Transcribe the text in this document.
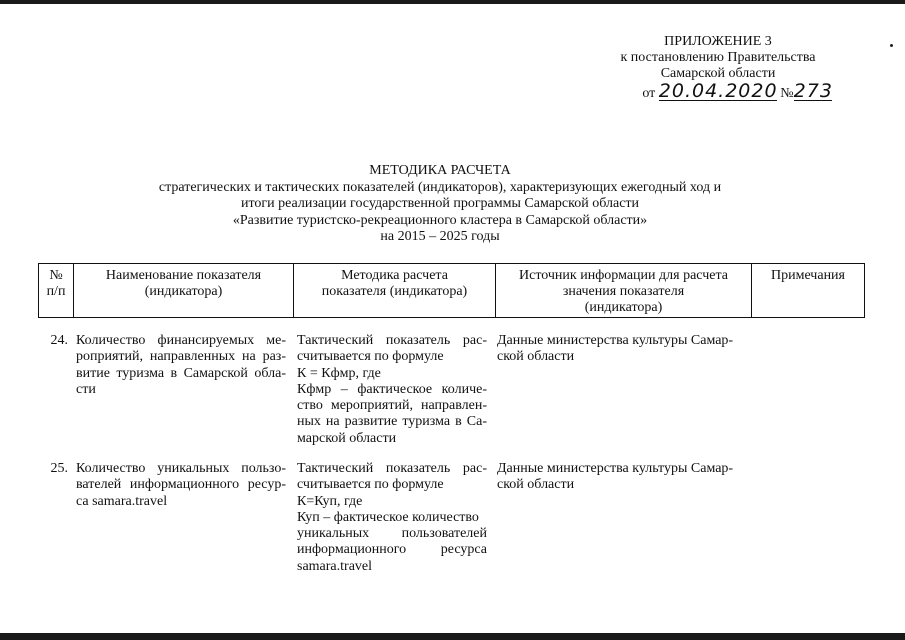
ПРИЛОЖЕНИЕ 3
к постановлению Правительства
Самарской области
от 20.04.2020 № 273
МЕТОДИКА РАСЧЕТА
стратегических и тактических показателей (индикаторов), характеризующих ежегодный ход и
итоги реализации государственной программы Самарской области
«Развитие туристско-рекреационного кластера в Самарской области»
на 2015 – 2025 годы
№
п/п
Наименование показателя
(индикатора)
Методика расчета
показателя (индикатора)
Источник информации для расчета
значения показателя
(индикатора)
Примечания
24. Количество финансируемых ме-
роприятий, направленных на раз-
витие туризма в Самарской обла-
сти
Тактический показатель рас-
считывается по формуле
К = Кфмр, где
Кфмр – фактическое количе-
ство мероприятий, направлен-
ных на развитие туризма в Са-
марской области
Данные министерства культуры Самар-
ской области
25. Количество уникальных пользо-
вателей информационного ресур-
са samara.travel
Тактический показатель рас-
считывается по формуле
К=Куп, где
Куп – фактическое количество
уникальных пользователей
информационного ресурса
samara.travel
Данные министерства культуры Самар-
ской области
